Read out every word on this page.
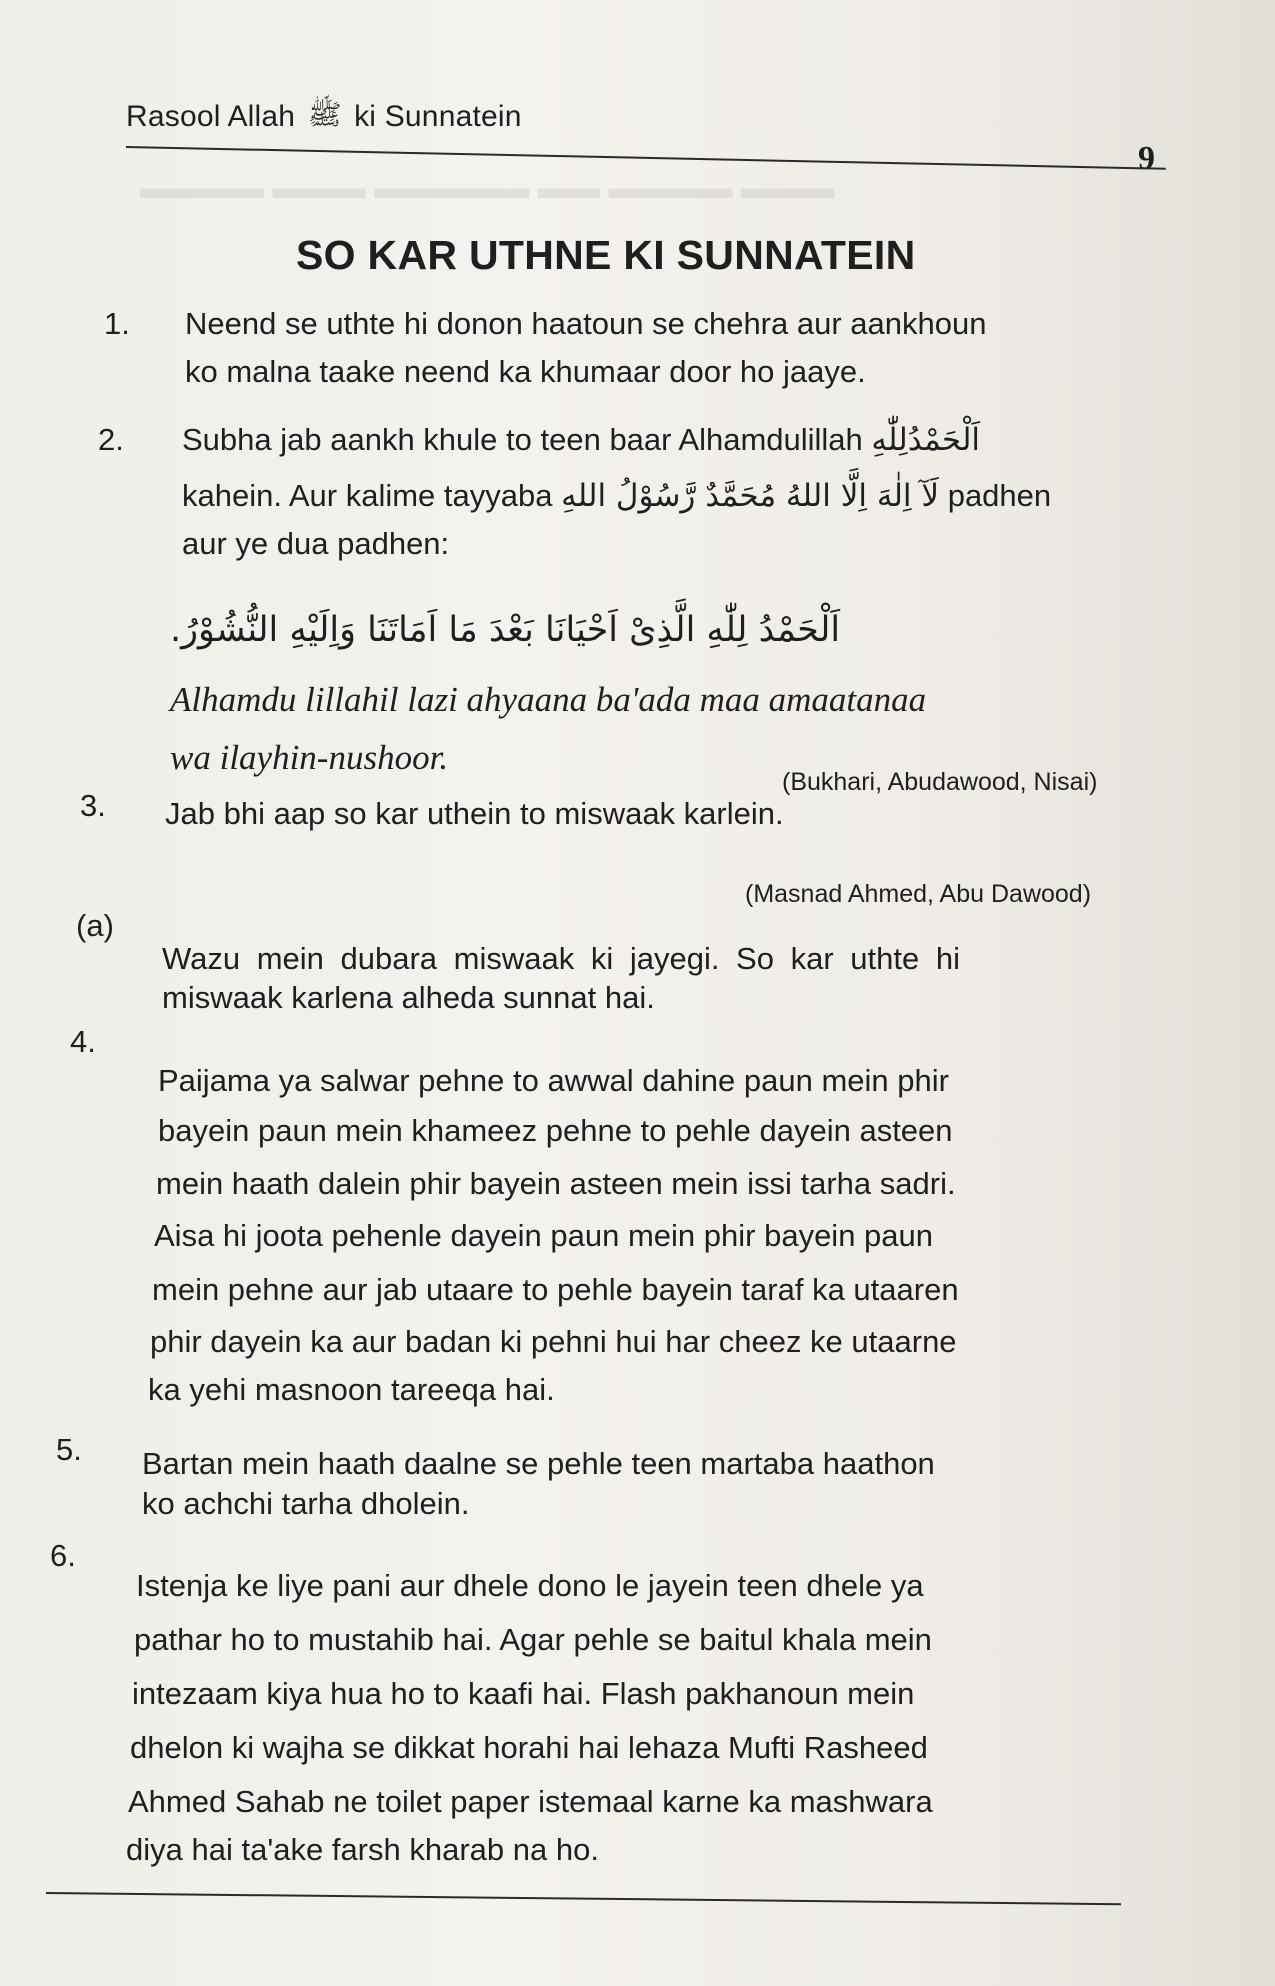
▬▬▬ ▬▬▬▬ ▬▬ ▬▬▬▬▬ ▬▬▬ ▬▬▬▬
Rasool Allah ﷺ ki Sunnatein
9
SO KAR UTHNE KI SUNNATEIN
1. Neend se uthte hi donon haatoun se chehra aur aankhoun
ko malna taake neend ka khumaar door ho jaaye.
2. Subha jab aankh khule to teen baar Alhamdulillah اَلْحَمْدُلِلّٰهِ
kahein. Aur kalime tayyaba لَآ اِلٰهَ اِلَّا اللهُ مُحَمَّدٌ رَّسُوْلُ اللهِ padhen
aur ye dua padhen:
اَلْحَمْدُ لِلّٰهِ الَّذِیْ اَحْیَانَا بَعْدَ مَا اَمَاتَنَا وَاِلَیْهِ النُّشُوْرُ.
Alhamdu lillahil lazi ahyaana ba'ada maa amaatanaa
wa ilayhin-nushoor.
(Bukhari, Abudawood, Nisai)
3. Jab bhi aap so kar uthein to miswaak karlein.
(Masnad Ahmed, Abu Dawood)
(a)
Wazu mein dubara miswaak ki jayegi. So kar uthte hi
miswaak karlena alheda sunnat hai.
4.
Paijama ya salwar pehne to awwal dahine paun mein phir
bayein paun mein khameez pehne to pehle dayein asteen
mein haath dalein phir bayein asteen mein issi tarha sadri.
Aisa hi joota pehenle dayein paun mein phir bayein paun
mein pehne aur jab utaare to pehle bayein taraf ka utaaren
phir dayein ka aur badan ki pehni hui har cheez ke utaarne
ka yehi masnoon tareeqa hai.
5. Bartan mein haath daalne se pehle teen martaba haathon
ko achchi tarha dholein.
6.
Istenja ke liye pani aur dhele dono le jayein teen dhele ya
pathar ho to mustahib hai. Agar pehle se baitul khala mein
intezaam kiya hua ho to kaafi hai. Flash pakhanoun mein
dhelon ki wajha se dikkat horahi hai lehaza Mufti Rasheed
Ahmed Sahab ne toilet paper istemaal karne ka mashwara
diya hai ta'ake farsh kharab na ho.
